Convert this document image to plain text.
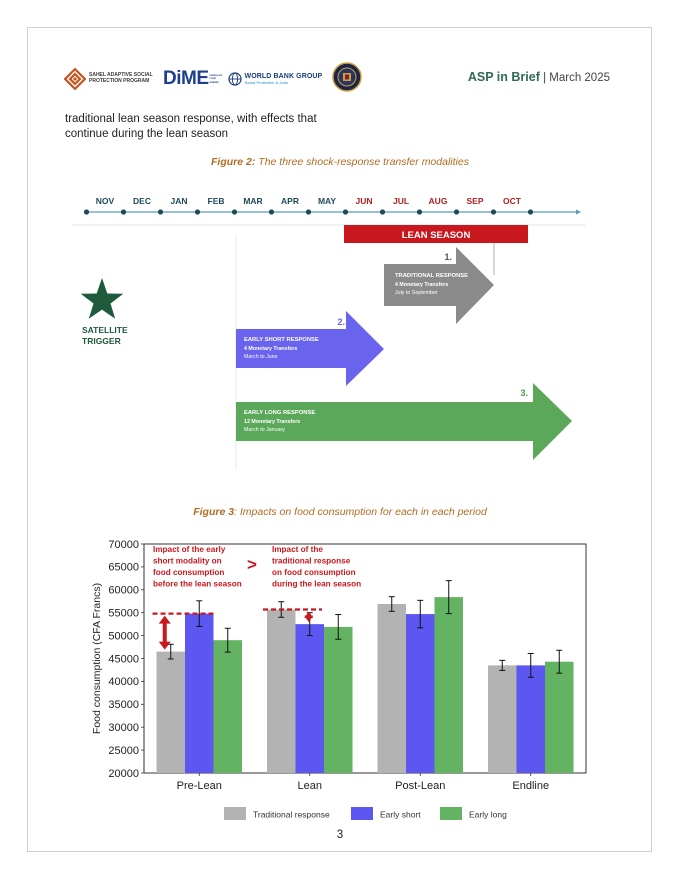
SAHEL ADAPTIVE SOCIAL PROTECTION PROGRAM DiME Development Impact Evaluation
WORLD BANK GROUP
Social Protection & Jobs	ASP in Brief | March 2025
traditional lean season response, with effects that continue during the lean season
Figure 2: The three shock-response transfer modalities
NOV DEC JAN FEB MAR APR MAY JUN JUL AUG SEP OCT
LEAN SEASON
SATELLITE
TRIGGER
1.
TRADITIONAL RESPONSE
4 Monetary Transfers
July to September
2.
EARLY SHORT RESPONSE
4 Monetary Transfers
March to June
3.
EARLY LONG RESPONSE
12 Monetary Transfers
March to January
Figure 3: Impacts on food consumption for each in each period
20000
25000
30000
35000
40000
45000
50000
55000
60000
65000
70000
Food consumption (CFA Francs)
Pre-Lean	Lean	Post-Lean	Endline
Traditional response	Early short	Early long
Impact of the early
short modality on
food consumption
before the lean season
Impact of the
traditional response
on food consumption
during the lean season
>
3
